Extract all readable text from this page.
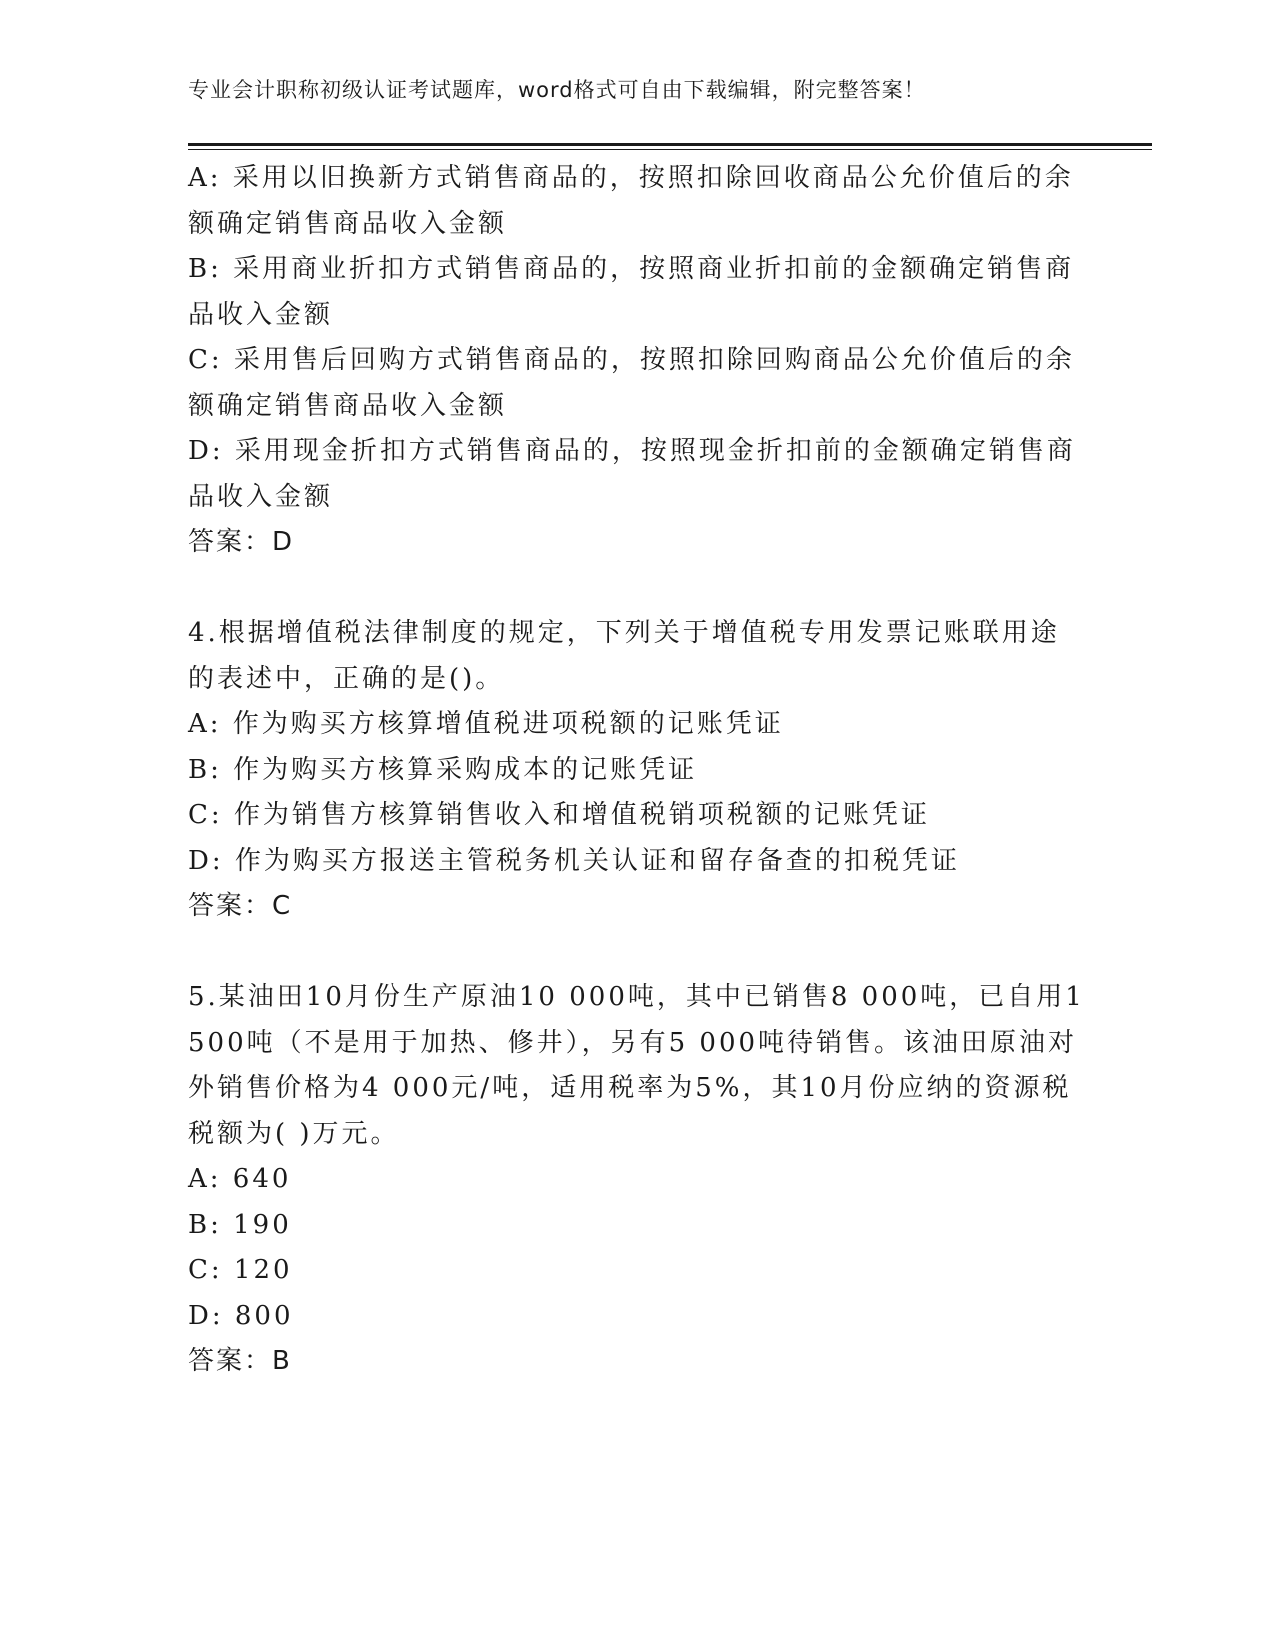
专业会计职称初级认证考试题库，word格式可自由下载编辑，附完整答案！
A: 采用以旧换新方式销售商品的，按照扣除回收商品公允价值后的余
额确定销售商品收入金额
B: 采用商业折扣方式销售商品的，按照商业折扣前的金额确定销售商
品收入金额
C: 采用售后回购方式销售商品的，按照扣除回购商品公允价值后的余
额确定销售商品收入金额
D: 采用现金折扣方式销售商品的，按照现金折扣前的金额确定销售商
品收入金额
答案：D
4.根据增值税法律制度的规定，下列关于增值税专用发票记账联用途
的表述中，正确的是()。
A: 作为购买方核算增值税进项税额的记账凭证
B: 作为购买方核算采购成本的记账凭证
C: 作为销售方核算销售收入和增值税销项税额的记账凭证
D: 作为购买方报送主管税务机关认证和留存备查的扣税凭证
答案：C
5.某油田10月份生产原油10 000吨，其中已销售8 000吨，已自用1
500吨（不是用于加热、修井），另有5 000吨待销售。该油田原油对
外销售价格为4 000元/吨，适用税率为5%，其10月份应纳的资源税
税额为( )万元。
A: 640
B: 190
C: 120
D: 800
答案：B
